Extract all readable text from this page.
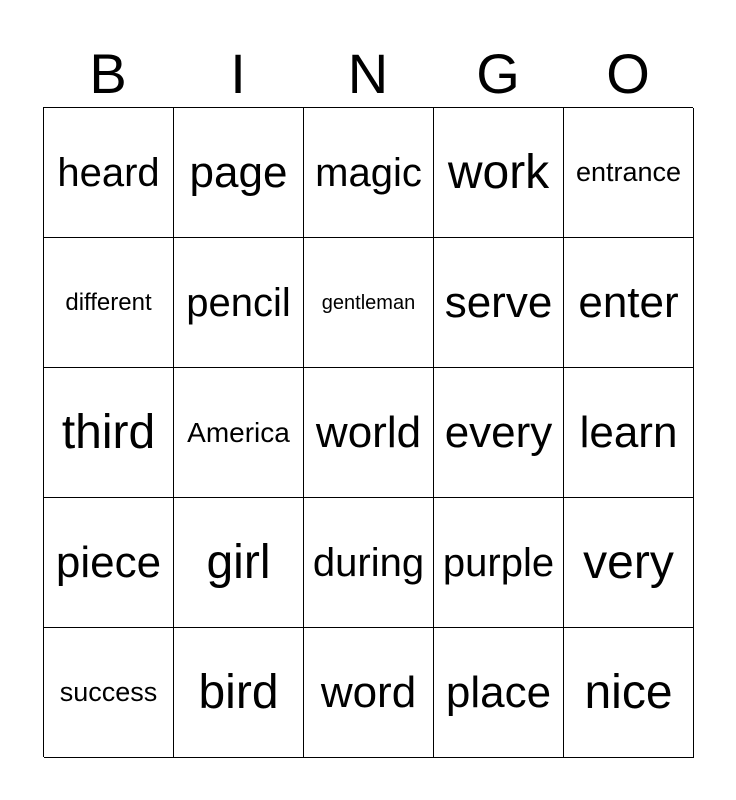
B	I	N	G	O
heard page magic work entrance
different pencil gentleman serve enter
third America world every learn
piece girl during purple very
success bird word place nice
